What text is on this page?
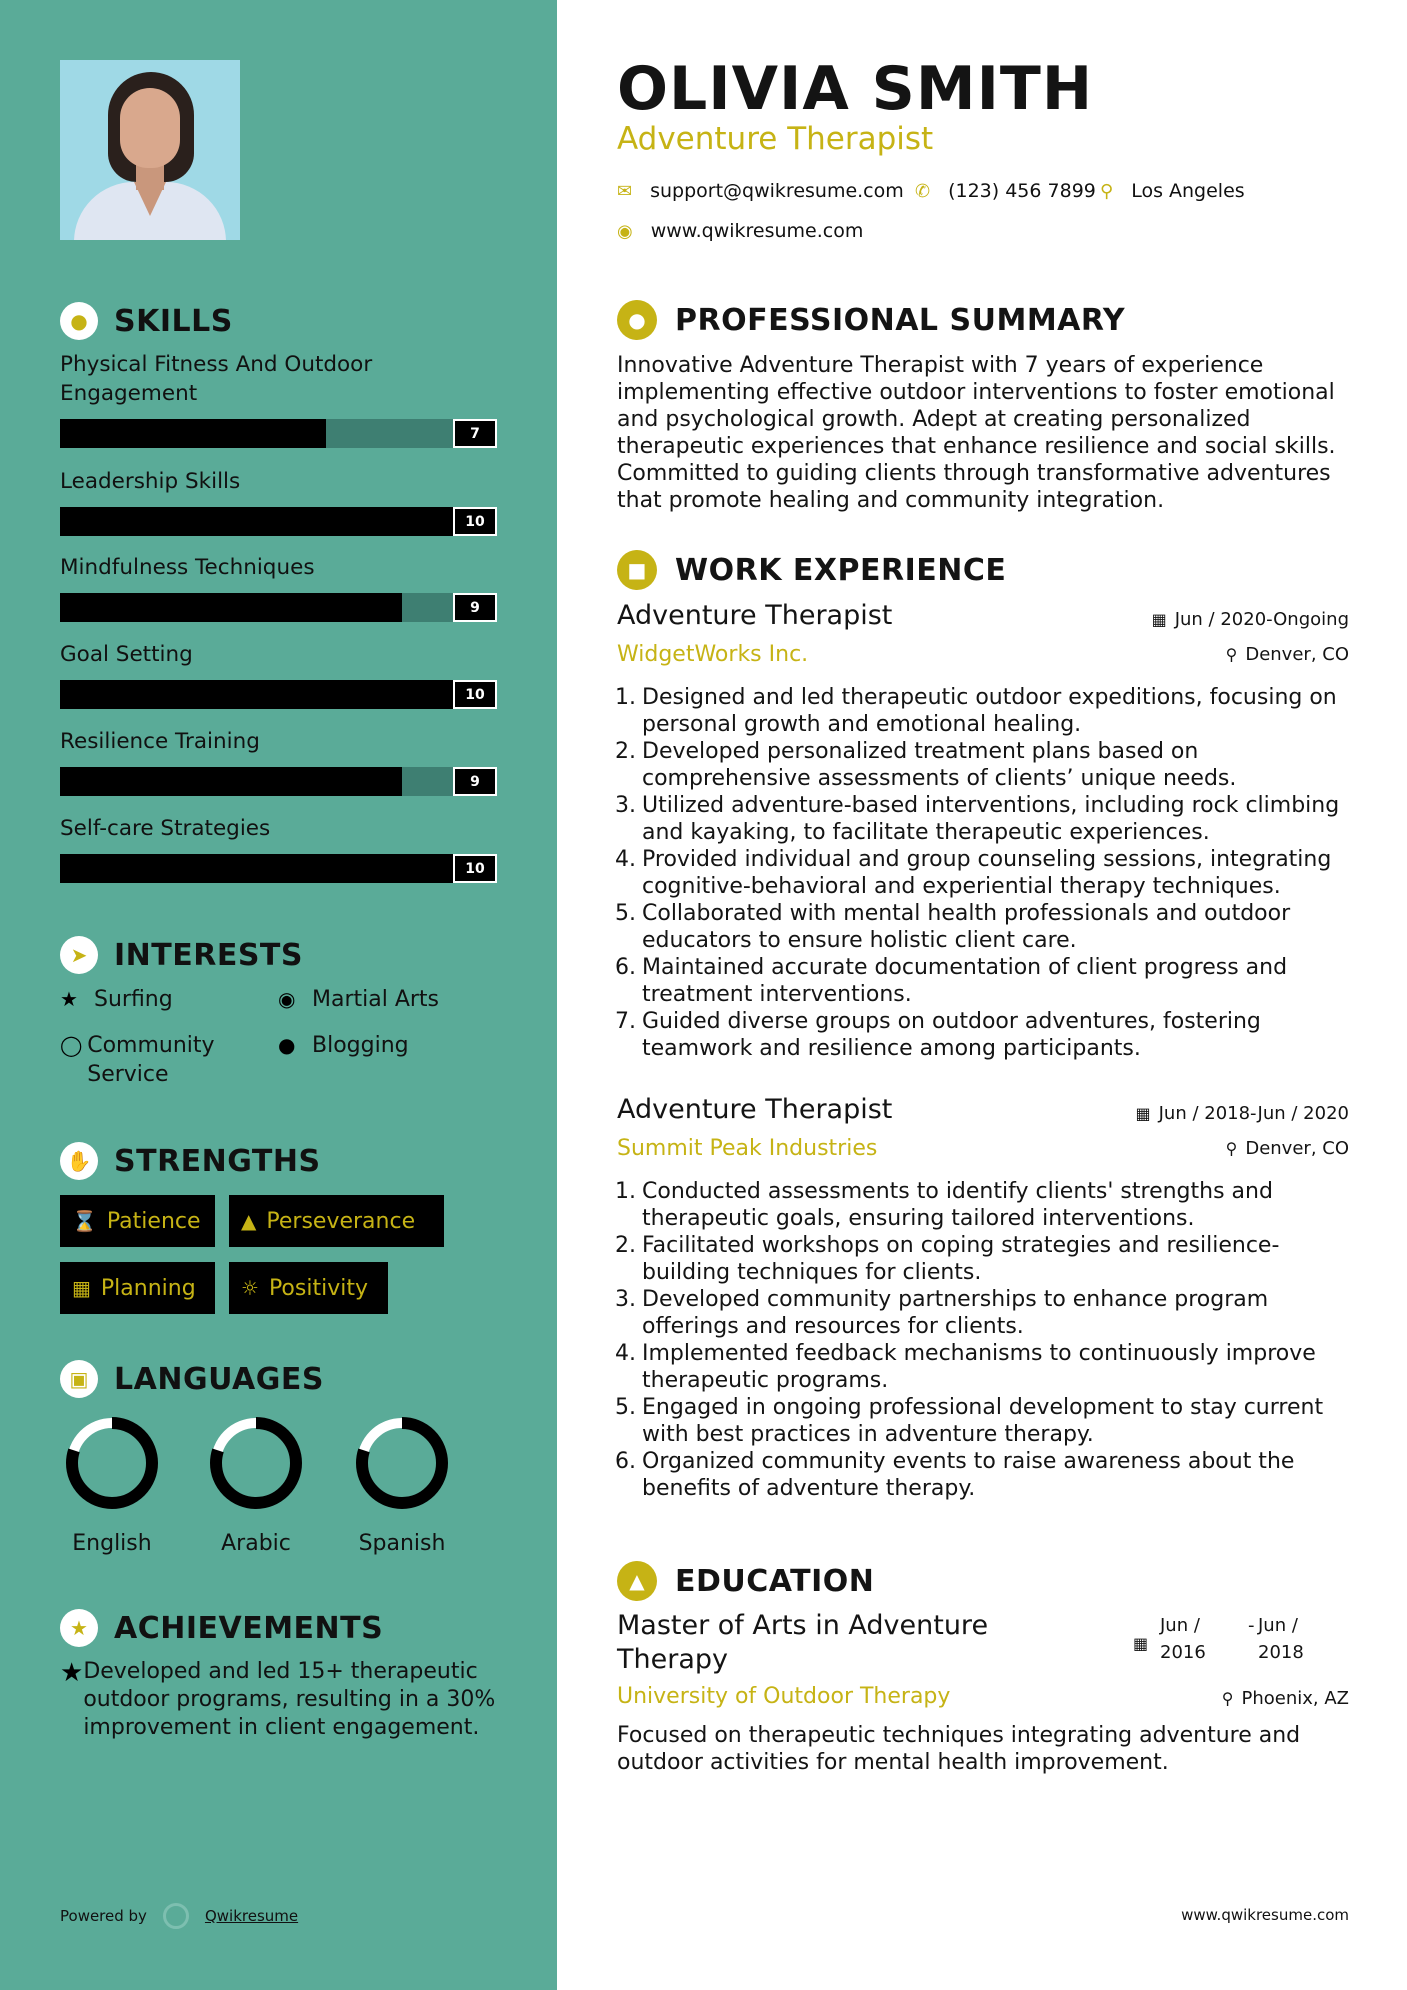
● SKILLS
Physical Fitness And Outdoor Engagement
7
Leadership Skills
10
Mindfulness Techniques
9
Goal Setting
10
Resilience Training
9
Self-care Strategies
10
➤ INTERESTS
★ Surfing	◉ Martial Arts
◯ Community Service
● Blogging
✋ STRENGTHS
⌛ Patience ▲ Perseverance
▦ Planning ☼ Positivity
▣ LANGUAGES
English	Arabic	Spanish
★ ACHIEVEMENTS
★ Developed and led 15+ therapeutic outdoor programs, resulting in a 30% improvement in client engagement.
Powered by	Qwikresume
OLIVIA SMITH
Adventure Therapist
✉ support@qwikresume.com ✆ (123) 456 7899 ⚲ Los Angeles
◉ www.qwikresume.com
● PROFESSIONAL SUMMARY
Innovative Adventure Therapist with 7 years of experience implementing effective outdoor interventions to foster emotional and psychological growth. Adept at creating personalized therapeutic experiences that enhance resilience and social skills. Committed to guiding clients through transformative adventures that promote healing and community integration.
■ WORK EXPERIENCE
Adventure Therapist
WidgetWorks Inc.
▦ Jun / 2020-Ongoing
⚲ Denver, CO
1. Designed and led therapeutic outdoor expeditions, focusing on personal growth and emotional healing.
2. Developed personalized treatment plans based on comprehensive assessments of clients’ unique needs.
3. Utilized adventure-based interventions, including rock climbing and kayaking, to facilitate therapeutic experiences.
4. Provided individual and group counseling sessions, integrating cognitive-behavioral and experiential therapy techniques.
5. Collaborated with mental health professionals and outdoor educators to ensure holistic client care.
6. Maintained accurate documentation of client progress and treatment interventions.
7. Guided diverse groups on outdoor adventures, fostering teamwork and resilience among participants.
Adventure Therapist
Summit Peak Industries
▦ Jun / 2018-Jun / 2020
⚲ Denver, CO
1. Conducted assessments to identify clients' strengths and therapeutic goals, ensuring tailored interventions.
2. Facilitated workshops on coping strategies and resilience-building techniques for clients.
3. Developed community partnerships to enhance program offerings and resources for clients.
4. Implemented feedback mechanisms to continuously improve therapeutic programs.
5. Engaged in ongoing professional development to stay current with best practices in adventure therapy.
6. Organized community events to raise awareness about the benefits of adventure therapy.
▲	EDUCATION
Master of Arts in Adventure Therapy
University of Outdoor Therapy
▦
Jun / 2016
- Jun / 2018
⚲ Phoenix, AZ
Focused on therapeutic techniques integrating adventure and outdoor activities for mental health improvement.
www.qwikresume.com
